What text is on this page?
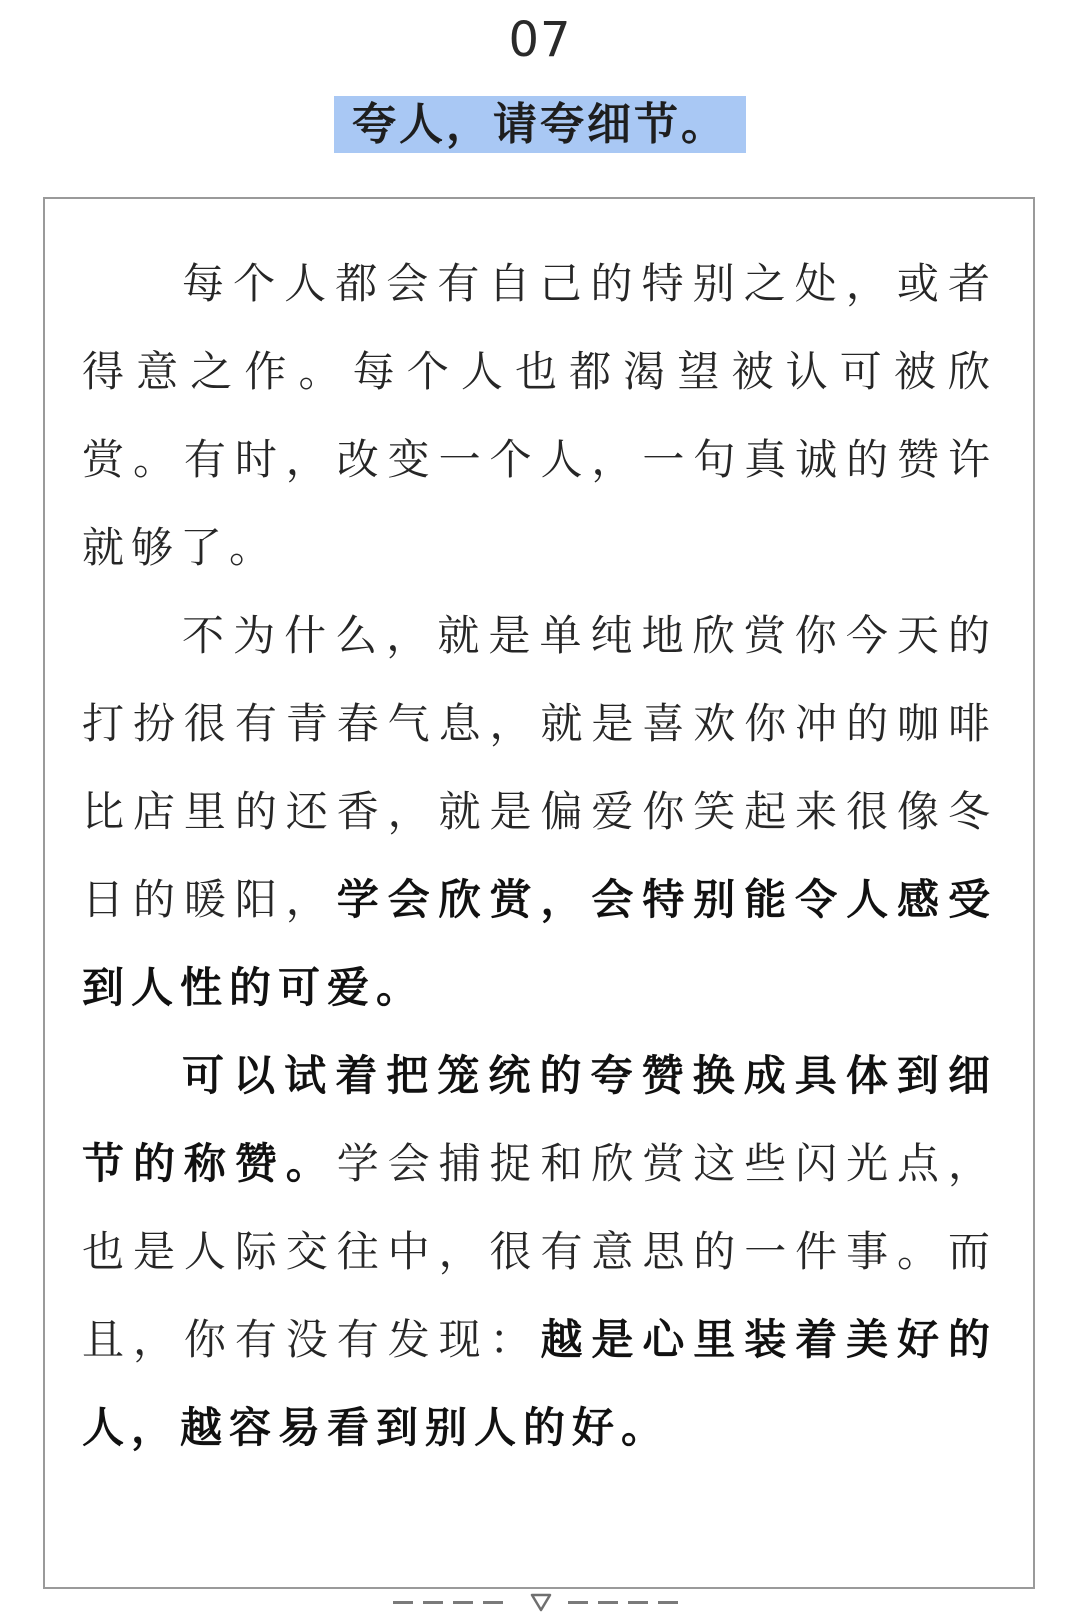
07
夸人，请夸细节。

每个人都会有自己的特别之处，或者得意之作。每个人也都渴望被认可被欣赏。有时，改变一个人，一句真诚的赞许就够了。

不为什么，就是单纯地欣赏你今天的打扮很有青春气息，就是喜欢你冲的咖啡比店里的还香，就是偏爱你笑起来很像冬日的暖阳，学会欣赏，会特别能令人感受到人性的可爱。

可以试着把笼统的夸赞换成具体到细节的称赞。学会捕捉和欣赏这些闪光点，也是人际交往中，很有意思的一件事。而且，你有没有发现：越是心里装着美好的人，越容易看到别人的好。
